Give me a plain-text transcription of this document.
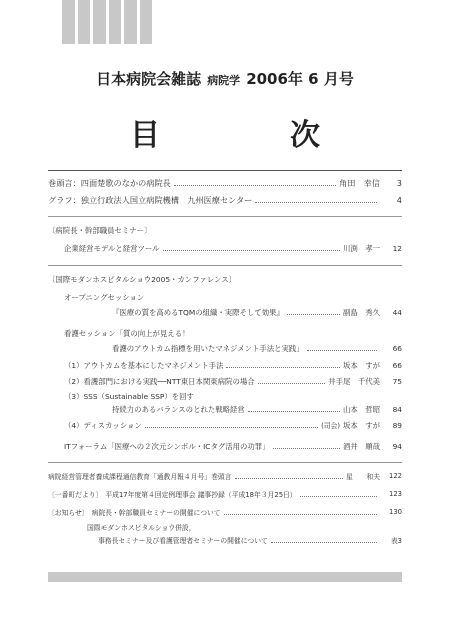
日本病院会雑誌 病院学 2006年 6 月号
目　次
巻頭言：四面楚歌のなかの病院長	角田　幸信	3
グラフ：独立行政法人国立病院機構　九州医療センター	4
〔病院長・幹部職員セミナー〕
企業経営モデルと経営ツール	川渕　孝一	12
〔国際モダンホスピタルショウ2005・カンファレンス〕
オープニングセッション
『医療の質を高めるTQMの組織・実際そして効果』	副島　秀久	44
看護セッション「質の向上が見える！
看護のアウトカム指標を用いたマネジメント手法と実践」	66
（1）アウトカムを基本にしたマネジメント手法	坂本　すが	66
（2）看護部門における実践──NTT東日本関東病院の場合	井手尾　千代美	75
（3）SSS（Sustainable SSP）を回す
持続力のあるバランスのとれた戦略経営	山本　哲昭	84
（4）ディスカッション	(司会) 坂本　すが	89
ITフォーラム「医療への２次元シンボル・ICタグ活用の功罪」	酒井　順哉	94
病院経営管理者養成課程通信教育「通教月報４月号」巻頭言	星　　和夫	122
〔一番町だより〕 平成17年度第４回定例理事会 議事抄録（平成18年３月25日）	123
〔お知らせ〕 病院長・幹部職員セミナーの開催について	130
国際モダンホスピタルショウ併設，
事務長セミナー及び看護管理者セミナーの開催について	表3
